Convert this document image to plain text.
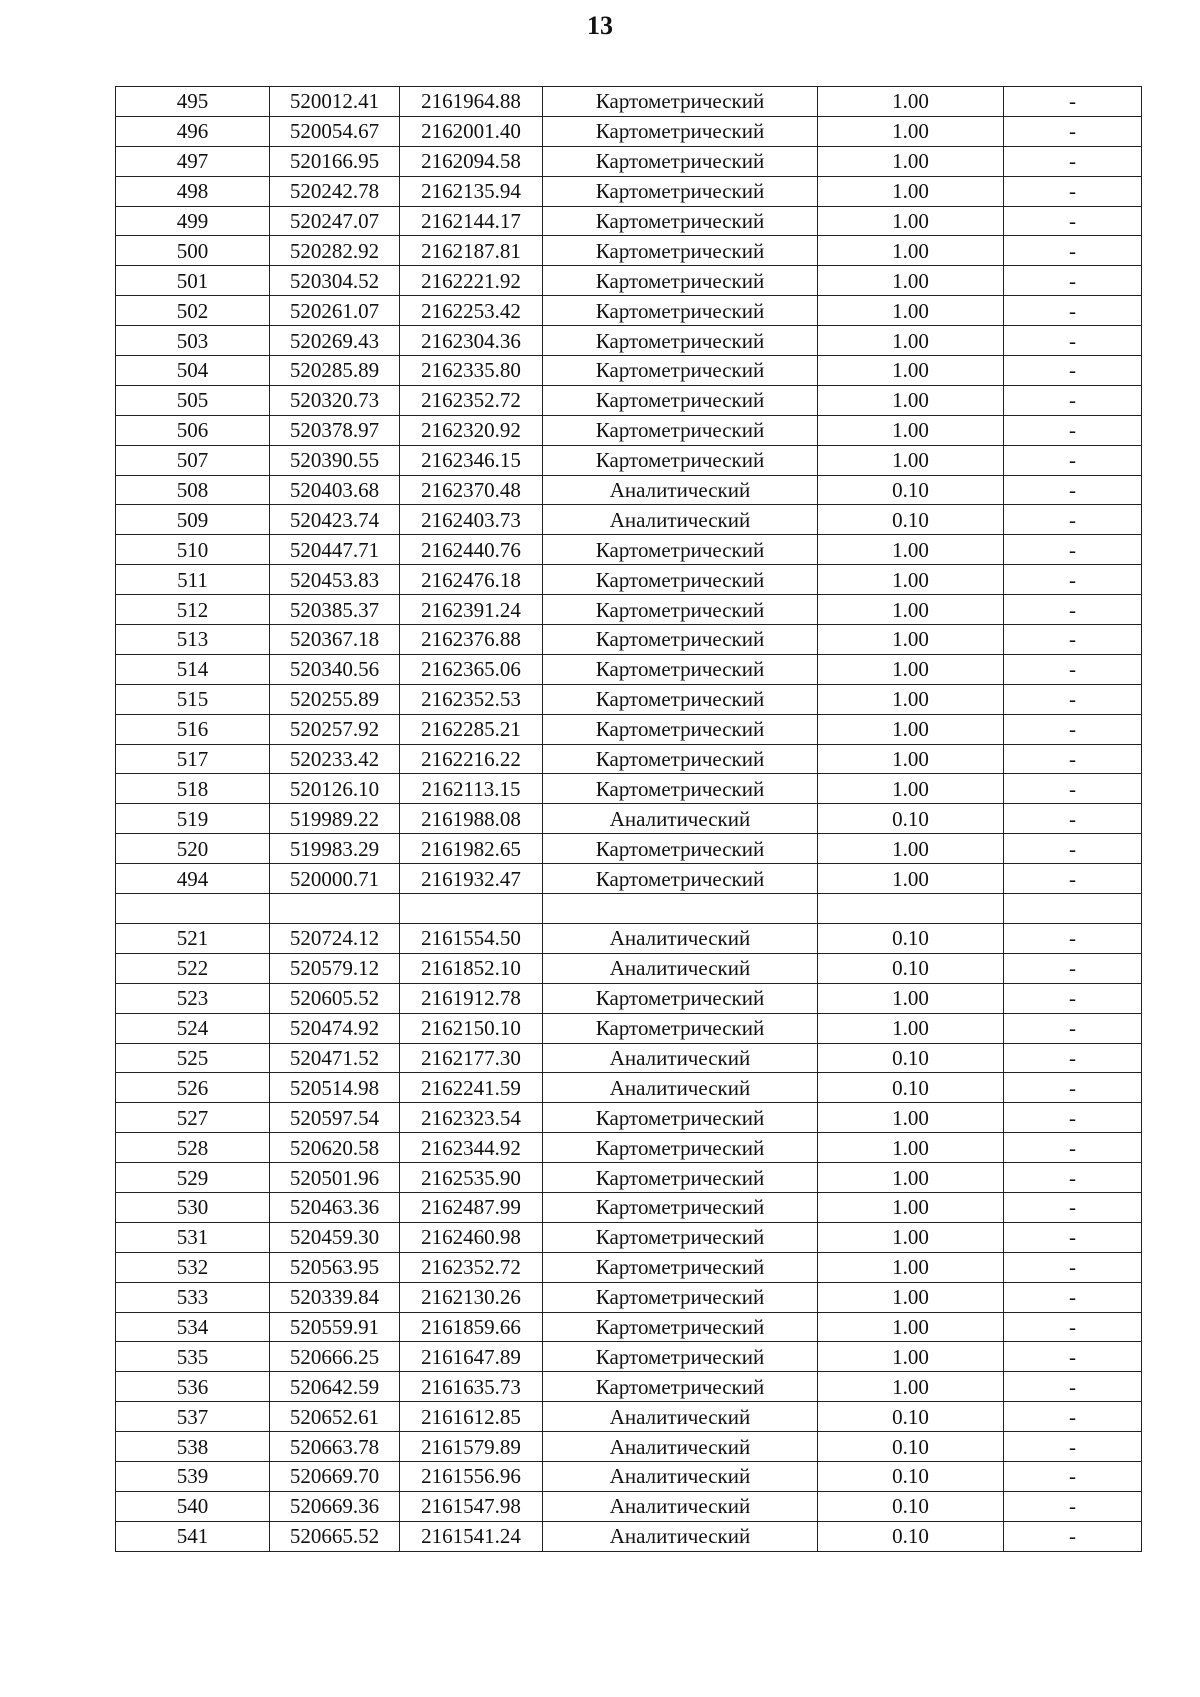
13
495	520012.41	2161964.88	Картометрический	1.00	-
496	520054.67	2162001.40	Картометрический	1.00	-
497	520166.95	2162094.58	Картометрический	1.00	-
498	520242.78	2162135.94	Картометрический	1.00	-
499	520247.07	2162144.17	Картометрический	1.00	-
500	520282.92	2162187.81	Картометрический	1.00	-
501	520304.52	2162221.92	Картометрический	1.00	-
502	520261.07	2162253.42	Картометрический	1.00	-
503	520269.43	2162304.36	Картометрический	1.00	-
504	520285.89	2162335.80	Картометрический	1.00	-
505	520320.73	2162352.72	Картометрический	1.00	-
506	520378.97	2162320.92	Картометрический	1.00	-
507	520390.55	2162346.15	Картометрический	1.00	-
508	520403.68	2162370.48	Аналитический	0.10	-
509	520423.74	2162403.73	Аналитический	0.10	-
510	520447.71	2162440.76	Картометрический	1.00	-
511	520453.83	2162476.18	Картометрический	1.00	-
512	520385.37	2162391.24	Картометрический	1.00	-
513	520367.18	2162376.88	Картометрический	1.00	-
514	520340.56	2162365.06	Картометрический	1.00	-
515	520255.89	2162352.53	Картометрический	1.00	-
516	520257.92	2162285.21	Картометрический	1.00	-
517	520233.42	2162216.22	Картометрический	1.00	-
518	520126.10	2162113.15	Картометрический	1.00	-
519	519989.22	2161988.08	Аналитический	0.10	-
520	519983.29	2161982.65	Картометрический	1.00	-
494	520000.71	2161932.47	Картометрический	1.00	-

521	520724.12	2161554.50	Аналитический	0.10	-
522	520579.12	2161852.10	Аналитический	0.10	-
523	520605.52	2161912.78	Картометрический	1.00	-
524	520474.92	2162150.10	Картометрический	1.00	-
525	520471.52	2162177.30	Аналитический	0.10	-
526	520514.98	2162241.59	Аналитический	0.10	-
527	520597.54	2162323.54	Картометрический	1.00	-
528	520620.58	2162344.92	Картометрический	1.00	-
529	520501.96	2162535.90	Картометрический	1.00	-
530	520463.36	2162487.99	Картометрический	1.00	-
531	520459.30	2162460.98	Картометрический	1.00	-
532	520563.95	2162352.72	Картометрический	1.00	-
533	520339.84	2162130.26	Картометрический	1.00	-
534	520559.91	2161859.66	Картометрический	1.00	-
535	520666.25	2161647.89	Картометрический	1.00	-
536	520642.59	2161635.73	Картометрический	1.00	-
537	520652.61	2161612.85	Аналитический	0.10	-
538	520663.78	2161579.89	Аналитический	0.10	-
539	520669.70	2161556.96	Аналитический	0.10	-
540	520669.36	2161547.98	Аналитический	0.10	-
541	520665.52	2161541.24	Аналитический	0.10	-
